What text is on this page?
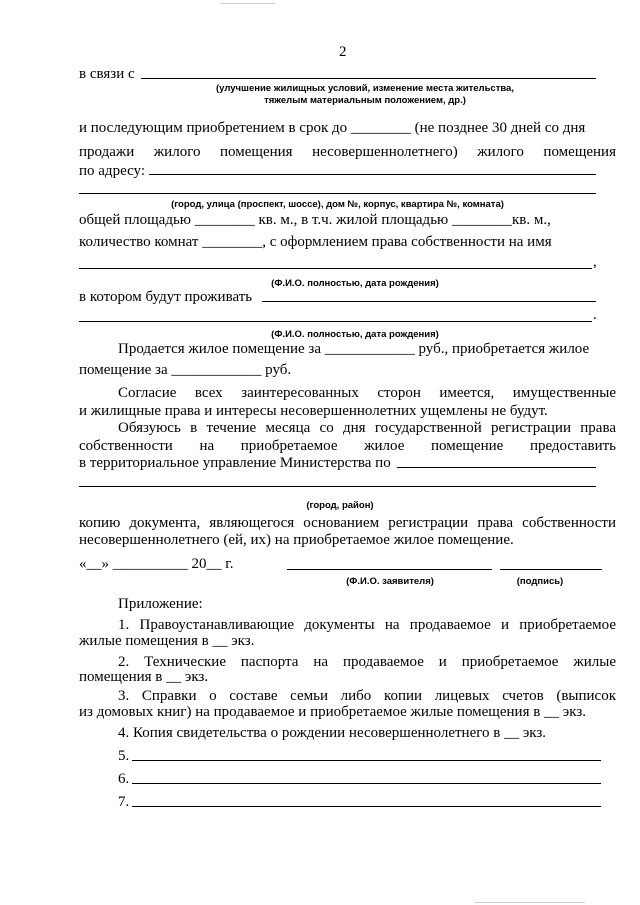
2
в связи с
(улучшение жилищных условий, изменение места жительства,
тяжелым материальным положением, др.)
и последующим приобретением в срок до ________ (не позднее 30 дней со дня
продажи жилого помещения несовершеннолетнего) жилого помещения
по адресу:
(город, улица (проспект, шоссе), дом №, корпус, квартира №, комната)
общей площадью ________ кв. м., в т.ч. жилой площадью ________кв. м.,
количество комнат ________, с оформлением права собственности на имя
,
(Ф.И.О. полностью, дата рождения)
в котором будут проживать
.
(Ф.И.О. полностью, дата рождения)
Продается жилое помещение за ____________ руб., приобретается жилое
помещение за ____________ руб.
Согласие всех заинтересованных сторон имеется, имущественные
и жилищные права и интересы несовершеннолетних ущемлены не будут.
Обязуюсь в течение месяца со дня государственной регистрации права
собственности на приобретаемое жилое помещение предоставить
в территориальное управление Министерства по
(город, район)
копию документа, являющегося основанием регистрации права собственности
несовершеннолетнего (ей, их) на приобретаемое жилое помещение.
«__» __________ 20__ г.
(Ф.И.О. заявителя)	(подпись)
Приложение:
1. Правоустанавливающие документы на продаваемое и приобретаемое
жилые помещения в __ экз.
2. Технические паспорта на продаваемое и приобретаемое жилые
помещения в __ экз.
3. Справки о составе семьи либо копии лицевых счетов (выписок
из домовых книг) на продаваемое и приобретаемое жилые помещения в __ экз.
4. Копия свидетельства о рождении несовершеннолетнего в __ экз.
5.
6.
7.
